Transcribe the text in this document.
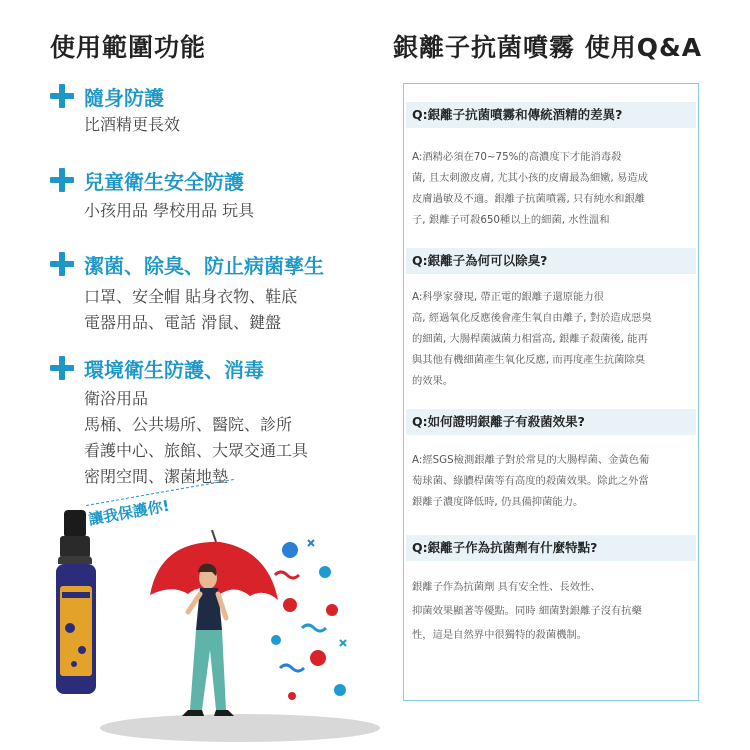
使用範圍功能
隨身防護
比酒精更長效
兒童衛生安全防護
小孩用品 學校用品 玩具
潔菌、除臭、防止病菌孳生
口罩、安全帽 貼身衣物、鞋底
電器用品、電話 滑鼠、鍵盤
環境衛生防護、消毒
衛浴用品
馬桶、公共場所、醫院、診所
看護中心、旅館、大眾交通工具
密閉空間、潔菌地墊
讓我保護你!
銀離子抗菌噴霧 使用Q&A
Q:銀離子抗菌噴霧和傳統酒精的差異?
A:酒精必須在70~75%的高濃度下才能消毒殺
菌, 且太刺激皮膚, 尤其小孩的皮膚最為細嫩, 易造成
皮膚過敏及不適。銀離子抗菌噴霧, 只有純水和銀離
子, 銀離子可殺650種以上的細菌, 水性溫和
Q:銀離子為何可以除臭?
A:科學家發現, 帶正電的銀離子還原能力很
高, 經過氧化反應後會產生氧自由離子, 對於造成惡臭
的細菌, 大腸桿菌滅菌力相當高, 銀離子殺菌後, 能再
與其他有機細菌產生氧化反應, 而再度產生抗菌除臭
的效果。
Q:如何證明銀離子有殺菌效果?
A:經SGS檢測銀離子對於常見的大腸桿菌、金黃色葡
萄球菌、綠膿桿菌等有高度的殺菌效果。除此之外當
銀離子濃度降低時, 仍具備抑菌能力。
Q:銀離子作為抗菌劑有什麼特點?
銀離子作為抗菌劑 具有安全性、長效性、
抑菌效果顯著等優點。同時 細菌對銀離子沒有抗藥
性，這是自然界中很獨特的殺菌機制。
